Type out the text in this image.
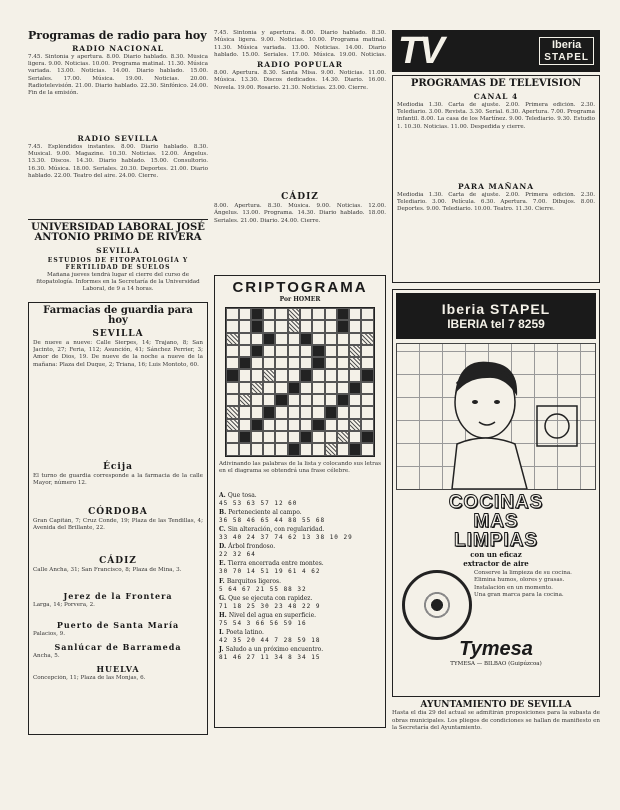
Programas de radio para hoy
RADIO NACIONAL
7.45. Sintonía y apertura. 8.00. Diario hablado. 8.30. Música ligera. 9.00. Noticias. 10.00. Programa matinal. 11.30. Música variada. 13.00. Noticias. 14.00. Diario hablado. 15.00. Seriales. 17.00. Música. 19.00. Noticias. 20.00. Radiotelevisión. 21.00. Diario hablado. 22.30. Sinfónico. 24.00. Fin de la emisión.
RADIO SEVILLA
7.45. Espléndidos instantes. 8.00. Diario hablado. 8.30. Musical. 9.00. Magazine. 10.30. Noticias. 12.00. Ángelus. 13.30. Discos. 14.30. Diario hablado. 15.00. Consultorio. 16.30. Música. 18.00. Seriales. 20.30. Deportes. 21.00. Diario hablado. 22.00. Teatro del aire. 24.00. Cierre.
UNIVERSIDAD LABORAL JOSÉ ANTONIO PRIMO DE RIVERA
SEVILLA
ESTUDIOS DE FITOPATOLOGÍA Y FERTILIDAD DE SUELOS
Mañana jueves tendrá lugar el cierre del curso de fitopatología. Informes en la Secretaría de la Universidad Laboral, de 9 a 14 horas.
Farmacias de guardia para hoy
SEVILLA
De nueve a nueve: Calle Sierpes, 14; Trajano, 8; San Jacinto, 27; Feria, 112; Asunción, 41; Sánchez Perrier, 3; Amor de Dios, 19. De nueve de la noche a nueve de la mañana: Plaza del Duque, 2; Triana, 16; Luis Montoto, 60.
Écija
El turno de guardia corresponde a la farmacia de la calle Mayor, número 12.
CÓRDOBA
Gran Capitán, 7; Cruz Conde, 19; Plaza de las Tendillas, 4; Avenida del Brillante, 22.
CÁDIZ
Calle Ancha, 31; San Francisco, 8; Plaza de Mina, 3.
Jerez de la Frontera
Larga, 14; Porvera, 2.
Puerto de Santa María
Palacios, 9.
Sanlúcar de Barrameda
Ancha, 5.
HUELVA
Concepción, 11; Plaza de las Monjas, 6.
7.45. Sintonía y apertura. 8.00. Diario hablado. 8.30. Música ligera. 9.00. Noticias. 10.00. Programa matinal. 11.30. Música variada. 13.00. Noticias. 14.00. Diario hablado. 15.00. Seriales. 17.00. Música. 19.00. Noticias.
RADIO POPULAR
8.00. Apertura. 8.30. Santa Misa. 9.00. Noticias. 11.00. Música. 13.30. Discos dedicados. 14.30. Diario. 16.00. Novela. 19.00. Rosario. 21.30. Noticias. 23.00. Cierre.
CÁDIZ
8.00. Apertura. 8.30. Música. 9.00. Noticias. 12.00. Ángelus. 13.00. Programa. 14.30. Diario hablado. 18.00. Seriales. 21.00. Diario. 24.00. Cierre.
CRIPTOGRAMA
Por HOMER
Adivinando las palabras de la lista y colocando sus letras en el diagrama se obtendrá una frase célebre.
A. Que tosa.
45 53 63 57 12 60
B. Perteneciente al campo.
36 58 46 65 44 88 55 68
C. Sin alteración, con regularidad.
33 40 24 37 74 62 13 38 10 29
D. Árbol frondoso.
22 32 64
E. Tierra encerrada entre montes.
30 70 14 51 19 61 4 62
F. Barquitos ligeros.
5 64 67 21 55 88 32
G. Que se ejecuta con rapidez.
71 18 25 30 23 48 22 9
H. Nivel del agua en superficie.
75 54 3 66 56 59 16
I. Poeta latino.
42 35 20 44 7 28 59 18
J. Saludo a un próximo encuentro.
81 46 27 11 34 8 34 15
TV	Iberia
STAPEL
PROGRAMAS DE TELEVISION
CANAL 4
Mediodía 1.30. Carta de ajuste. 2.00. Primera edición. 2.30. Telediario. 3.00. Revista. 3.30. Serial. 6.30. Apertura. 7.00. Programa infantil. 8.00. La casa de los Martínez. 9.00. Telediario. 9.30. Estudio 1. 10.30. Noticias. 11.00. Despedida y cierre.
PARA MAÑANA
Mediodía 1.30. Carta de ajuste. 2.00. Primera edición. 2.30. Telediario. 3.00. Película. 6.30. Apertura. 7.00. Dibujos. 8.00. Deportes. 9.00. Telediario. 10.00. Teatro. 11.30. Cierre.
Iberia STAPEL
IBERIA tel 7 8259
COCINAS
MAS
LIMPIAS
con un eficaz
extractor de aire
Conserve la limpieza de su cocina.
Elimina humos, olores y grasas.
Instalación en un momento.
Una gran marca para la cocina.
Tymesa
TYMESA — BILBAO (Guipúzcoa)
AYUNTAMIENTO DE SEVILLA
Hasta el día 29 del actual se admitirán proposiciones para la subasta de obras municipales. Los pliegos de condiciones se hallan de manifiesto en la Secretaría del Ayuntamiento.
